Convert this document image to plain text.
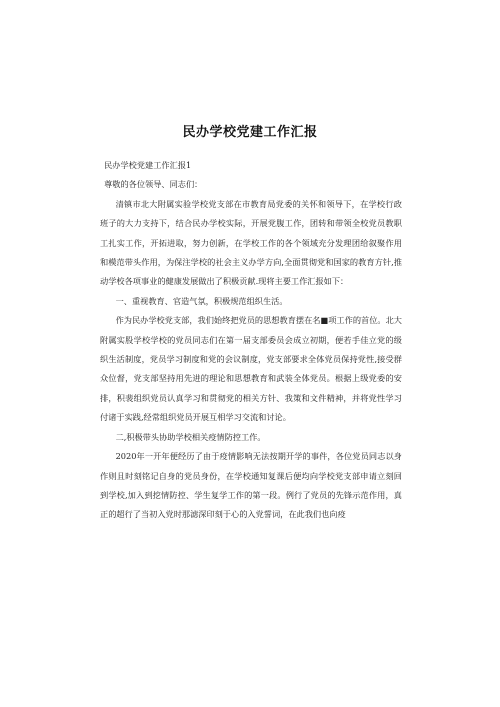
民办学校党建工作汇报

民办学校党建工作汇报1

尊敬的各位领导、同志们：

清镇市北大附属实验学校党支部在市教育局党委的关怀和领导下，在学校行政班子的大力支持下，结合民办学校实际，开展党腹工作，团转和带领全校党员教职工扎实工作，开拓进取，努力创新，在学校工作的各个领域充分发理团给叙聚作用和模范带头作用，为保注学校的社会主义办学方向,全面贯彻党和国家的教育方针,推动学校各项事业的健康发展做出了积极贡献.现将主要工作汇报如下：

一、重视教育、官造气氛，积极规范组织生活。

作为民办学校党支部，我们始终把党员的思想教育摆在名■项工作的首位。北大附属实股学校学校的党员同志们在第一届支部委员会成立初期，便若手佳立党的级织生活制度，党员学习制度和党的会议制度，党支部要求全体党员保持党性,接受群众位督，党支部坚持用先进的理论和思想教育和武装全体党员。根据上级党委的安排，积裴组织党员认真学习和贯彻党的相关方针、我策和文件精神，并将党性学习付诸于实践,经常组织党员开展互相学习交流和讨论。

二,积极带头协助学校相关疫情防控工作。

2020年一开年便经历了由于疫情影响无法按期开学的事件，各位党员同志以身作则且时刻铭记自身的党员身份，在学校通知复课后便均向学校党支部申请立刻回到学校,加入到挖情防控、学生复学工作的第一段。例行了党员的先锋示范作用，真正的超行了当初入党时那滤深印刻于心的入党誓词，在此我们也向疫
